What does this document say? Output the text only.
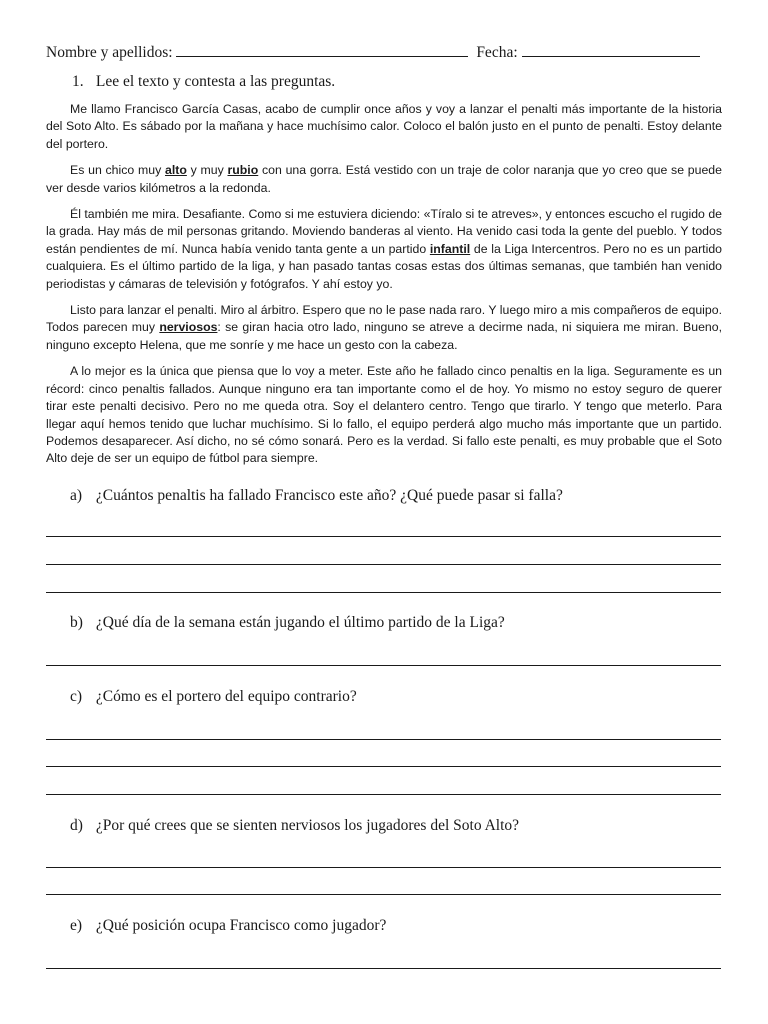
Nombre y apellidos:	Fecha:
1. Lee el texto y contesta a las preguntas.

Me llamo Francisco García Casas, acabo de cumplir once años y voy a lanzar el penalti más importante de la historia del Soto Alto. Es sábado por la mañana y hace muchísimo calor. Coloco el balón justo en el punto de penalti. Estoy delante del portero.

Es un chico muy alto y muy rubio con una gorra. Está vestido con un traje de color naranja que yo creo que se puede ver desde varios kilómetros a la redonda.

Él también me mira. Desafiante. Como si me estuviera diciendo: «Tíralo si te atreves», y entonces escucho el rugido de la grada. Hay más de mil personas gritando. Moviendo banderas al viento. Ha venido casi toda la gente del pueblo. Y todos están pendientes de mí. Nunca había venido tanta gente a un partido infantil de la Liga Intercentros. Pero no es un partido cualquiera. Es el último partido de la liga, y han pasado tantas cosas estas dos últimas semanas, que también han venido periodistas y cámaras de televisión y fotógrafos. Y ahí estoy yo.

Listo para lanzar el penalti. Miro al árbitro. Espero que no le pase nada raro. Y luego miro a mis compañeros de equipo. Todos parecen muy nerviosos: se giran hacia otro lado, ninguno se atreve a decirme nada, ni siquiera me miran. Bueno, ninguno excepto Helena, que me sonríe y me hace un gesto con la cabeza.

A lo mejor es la única que piensa que lo voy a meter. Este año he fallado cinco penaltis en la liga. Seguramente es un récord: cinco penaltis fallados. Aunque ninguno era tan importante como el de hoy. Yo mismo no estoy seguro de querer tirar este penalti decisivo. Pero no me queda otra. Soy el delantero centro. Tengo que tirarlo. Y tengo que meterlo. Para llegar aquí hemos tenido que luchar muchísimo. Si lo fallo, el equipo perderá algo mucho más importante que un partido. Podemos desaparecer. Así dicho, no sé cómo sonará. Pero es la verdad. Si fallo este penalti, es muy probable que el Soto Alto deje de ser un equipo de fútbol para siempre.

a) ¿Cuántos penaltis ha fallado Francisco este año? ¿Qué puede pasar si falla?
b) ¿Qué día de la semana están jugando el último partido de la Liga?
c) ¿Cómo es el portero del equipo contrario?
d) ¿Por qué crees que se sienten nerviosos los jugadores del Soto Alto?
e) ¿Qué posición ocupa Francisco como jugador?
